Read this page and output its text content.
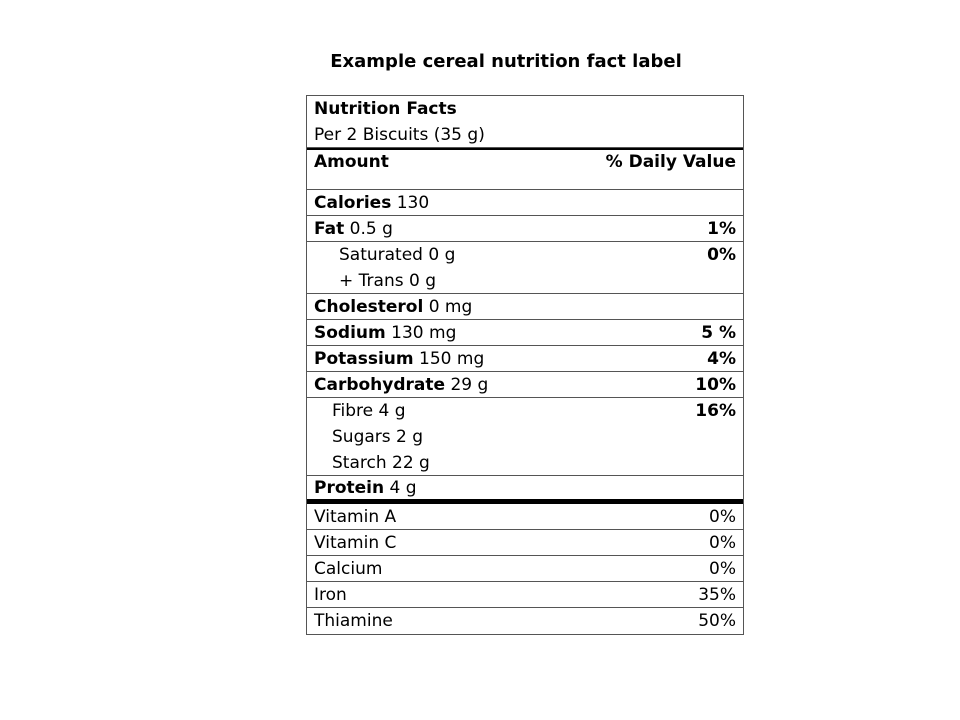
Example cereal nutrition fact label
Nutrition Facts
Per 2 Biscuits (35 g)
Amount	% Daily Value
Calories 130
Fat 0.5 g	1%
Saturated 0 g	0%
+ Trans 0 g
Cholesterol 0 mg
Sodium 130 mg	5 %
Potassium 150 mg	4%
Carbohydrate 29 g	10%
Fibre 4 g	16%
Sugars 2 g
Starch 22 g
Protein 4 g
Vitamin A	0%
Vitamin C	0%
Calcium	0%
Iron	35%
Thiamine	50%
